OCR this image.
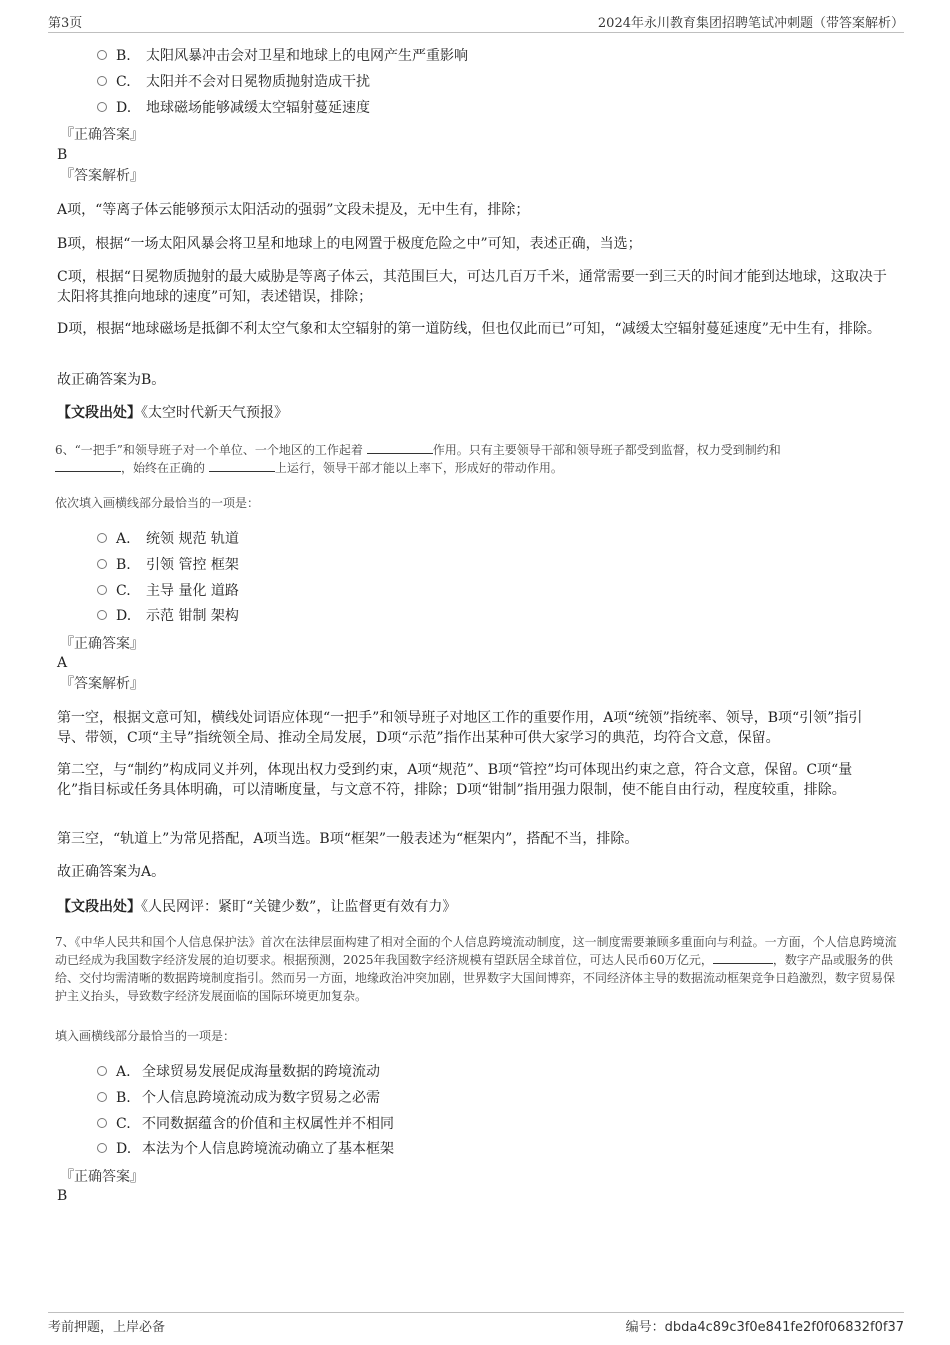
第3页	2024年永川教育集团招聘笔试冲刺题（带答案解析）
B. 太阳风暴冲击会对卫星和地球上的电网产生严重影响
C. 太阳并不会对日冕物质抛射造成干扰
D. 地球磁场能够减缓太空辐射蔓延速度
『正确答案』
B
『答案解析』
A项，“等离子体云能够预示太阳活动的强弱”文段未提及，无中生有，排除；
B项，根据“一场太阳风暴会将卫星和地球上的电网置于极度危险之中”可知，表述正确，当选；
C项，根据“日冕物质抛射的最大威胁是等离子体云，其范围巨大，可达几百万千米，通常需要一到三天的时间才能到达地球，这取决于太阳将其推向地球的速度”可知，表述错误，排除；
D项，根据“地球磁场是抵御不利太空气象和太空辐射的第一道防线，但也仅此而已”可知，“减缓太空辐射蔓延速度”无中生有，排除。
故正确答案为B。
【文段出处】《太空时代新天气预报》
6、“一把手”和领导班子对一个单位、一个地区的工作起着	作用。只有主要领导干部和领导班子都受到监督，权力受到制约和
，始终在正确的	上运行，领导干部才能以上率下，形成好的带动作用。
依次填入画横线部分最恰当的一项是：
A. 统领 规范 轨道
B. 引领 管控 框架
C. 主导 量化 道路
D. 示范 钳制 架构
『正确答案』
A
『答案解析』
第一空，根据文意可知，横线处词语应体现“一把手”和领导班子对地区工作的重要作用，A项“统领”指统率、领导，B项“引领”指引导、带领，C项“主导”指统领全局、推动全局发展，D项“示范”指作出某种可供大家学习的典范，均符合文意，保留。
第二空，与“制约”构成同义并列，体现出权力受到约束，A项“规范”、B项“管控”均可体现出约束之意，符合文意，保留。C项“量化”指目标或任务具体明确，可以清晰度量，与文意不符，排除；D项“钳制”指用强力限制，使不能自由行动，程度较重，排除。
第三空，“轨道上”为常见搭配，A项当选。B项“框架”一般表述为“框架内”，搭配不当，排除。
故正确答案为A。
【文段出处】《人民网评：紧盯“关键少数”，让监督更有效有力》
7、《中华人民共和国个人信息保护法》首次在法律层面构建了相对全面的个人信息跨境流动制度，这一制度需要兼顾多重面向与利益。一方面，个人信息跨境流动已经成为我国数字经济发展的迫切要求。根据预测，2025年我国数字经济规模有望跃居全球首位，可达人民币60万亿元，	，数字产品或服务的供给、交付均需清晰的数据跨境制度指引。然而另一方面，地缘政治冲突加剧，世界数字大国间博弈，不同经济体主导的数据流动框架竞争日趋激烈，数字贸易保护主义抬头，导致数字经济发展面临的国际环境更加复杂。
填入画横线部分最恰当的一项是：
A. 全球贸易发展促成海量数据的跨境流动
B. 个人信息跨境流动成为数字贸易之必需
C. 不同数据蕴含的价值和主权属性并不相同
D. 本法为个人信息跨境流动确立了基本框架
『正确答案』
B
考前押题，上岸必备	编号：dbda4c89c3f0e841fe2f0f06832f0f37
